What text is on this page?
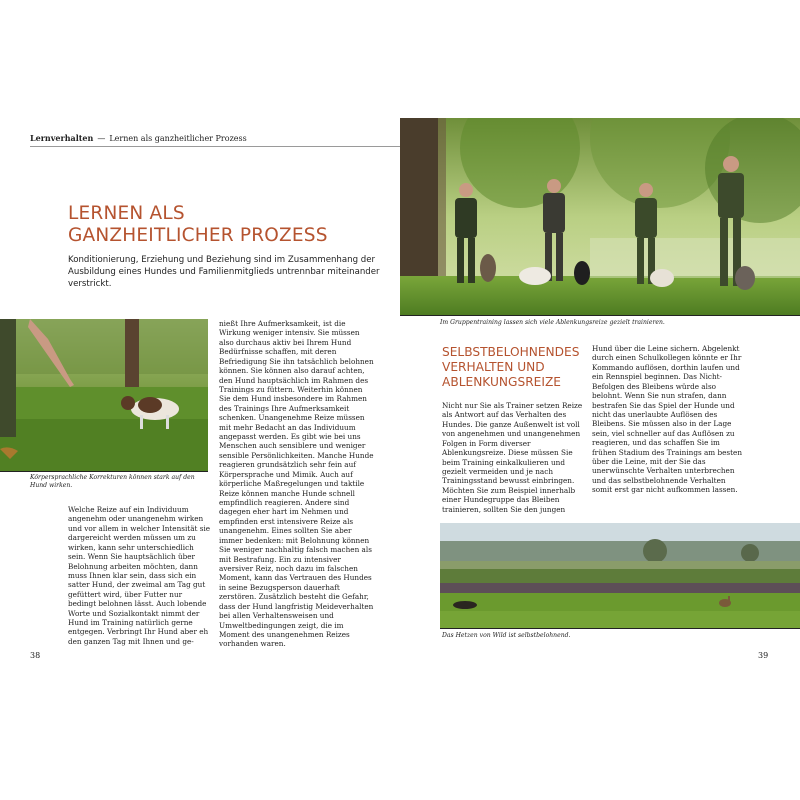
Lernverhalten — Lernen als ganzheitlicher Prozess
LERNEN ALS
GANZHEITLICHER PROZESS

Konditionierung, Erziehung und Beziehung sind im Zusammenhang der Ausbildung eines Hundes und Familienmitglieds untrennbar miteinander verstrickt.

Körpersprachliche Korrekturen können stark auf den Hund wirken.

Welche Reize auf ein Individuum angenehm oder unangenehm wirken und vor allem in welcher Intensität sie dargereicht werden müssen um zu wirken, kann sehr unterschiedlich sein. Wenn Sie hauptsächlich über Belohnung arbeiten möchten, dann muss Ihnen klar sein, dass sich ein satter Hund, der zweimal am Tag gut gefüttert wird, über Futter nur bedingt belohnen lässt. Auch lobende Worte und Sozialkontakt nimmt der Hund im Training natürlich gerne entgegen. Verbringt Ihr Hund aber eh den ganzen Tag mit Ihnen und ge-

nießt Ihre Aufmerksamkeit, ist die Wirkung weniger intensiv. Sie müssen also durchaus aktiv bei Ihrem Hund Bedürfnisse schaffen, mit deren Befriedigung Sie ihn tatsächlich belohnen können. Sie können also darauf achten, den Hund hauptsächlich im Rahmen des Trainings zu füttern. Weiterhin können Sie dem Hund insbesondere im Rahmen des Trainings Ihre Aufmerksamkeit schenken. Unangenehme Reize müssen mit mehr Bedacht an das Individuum angepasst werden. Es gibt wie bei uns Menschen auch sensiblere und weniger sensible Persönlichkeiten. Manche Hunde reagieren grundsätzlich sehr fein auf Körpersprache und Mimik. Auch auf körperliche Maßregelungen und taktile Reize können manche Hunde schnell empfindlich reagieren. Andere sind dagegen eher hart im Nehmen und empfinden erst intensivere Reize als unangenehm. Eines sollten Sie aber immer bedenken: mit Belohnung können Sie weniger nachhaltig falsch machen als mit Bestrafung. Ein zu intensiver aversiver Reiz, noch dazu im falschen Moment, kann das Vertrauen des Hundes in seine Bezugsperson dauerhaft zerstören. Zusätzlich besteht die Gefahr, dass der Hund langfristig Meideverhalten bei allen Verhaltensweisen und Umweltbedingungen zeigt, die im Moment des unangenehmen Reizes vorhanden waren.

38

Im Gruppentraining lassen sich viele Ablenkungsreize gezielt trainieren.

SELBSTBELOHNENDES
VERHALTEN UND
ABLENKUNGSREIZE

Nicht nur Sie als Trainer setzen Reize als Antwort auf das Verhalten des Hundes. Die ganze Außenwelt ist voll von angenehmen und unangenehmen Folgen in Form diverser Ablenkungsreize. Diese müssen Sie beim Training einkalkulieren und gezielt vermeiden und je nach Trainingsstand bewusst einbringen. Möchten Sie zum Beispiel innerhalb einer Hundegruppe das Bleiben trainieren, sollten Sie den jungen

Hund über die Leine sichern. Abgelenkt durch einen Schulkollegen könnte er Ihr Kommando auflösen, dorthin laufen und ein Rennspiel beginnen. Das Nicht-Befolgen des Bleibens würde also belohnt. Wenn Sie nun strafen, dann bestrafen Sie das Spiel der Hunde und nicht das unerlaubte Auflösen des Bleibens. Sie müssen also in der Lage sein, viel schneller auf das Auflösen zu reagieren, und das schaffen Sie im frühen Stadium des Trainings am besten über die Leine, mit der Sie das unerwünschte Verhalten unterbrechen und das selbstbelohnende Verhalten somit erst gar nicht aufkommen lassen.

Das Hetzen von Wild ist selbstbelohnend.

39
